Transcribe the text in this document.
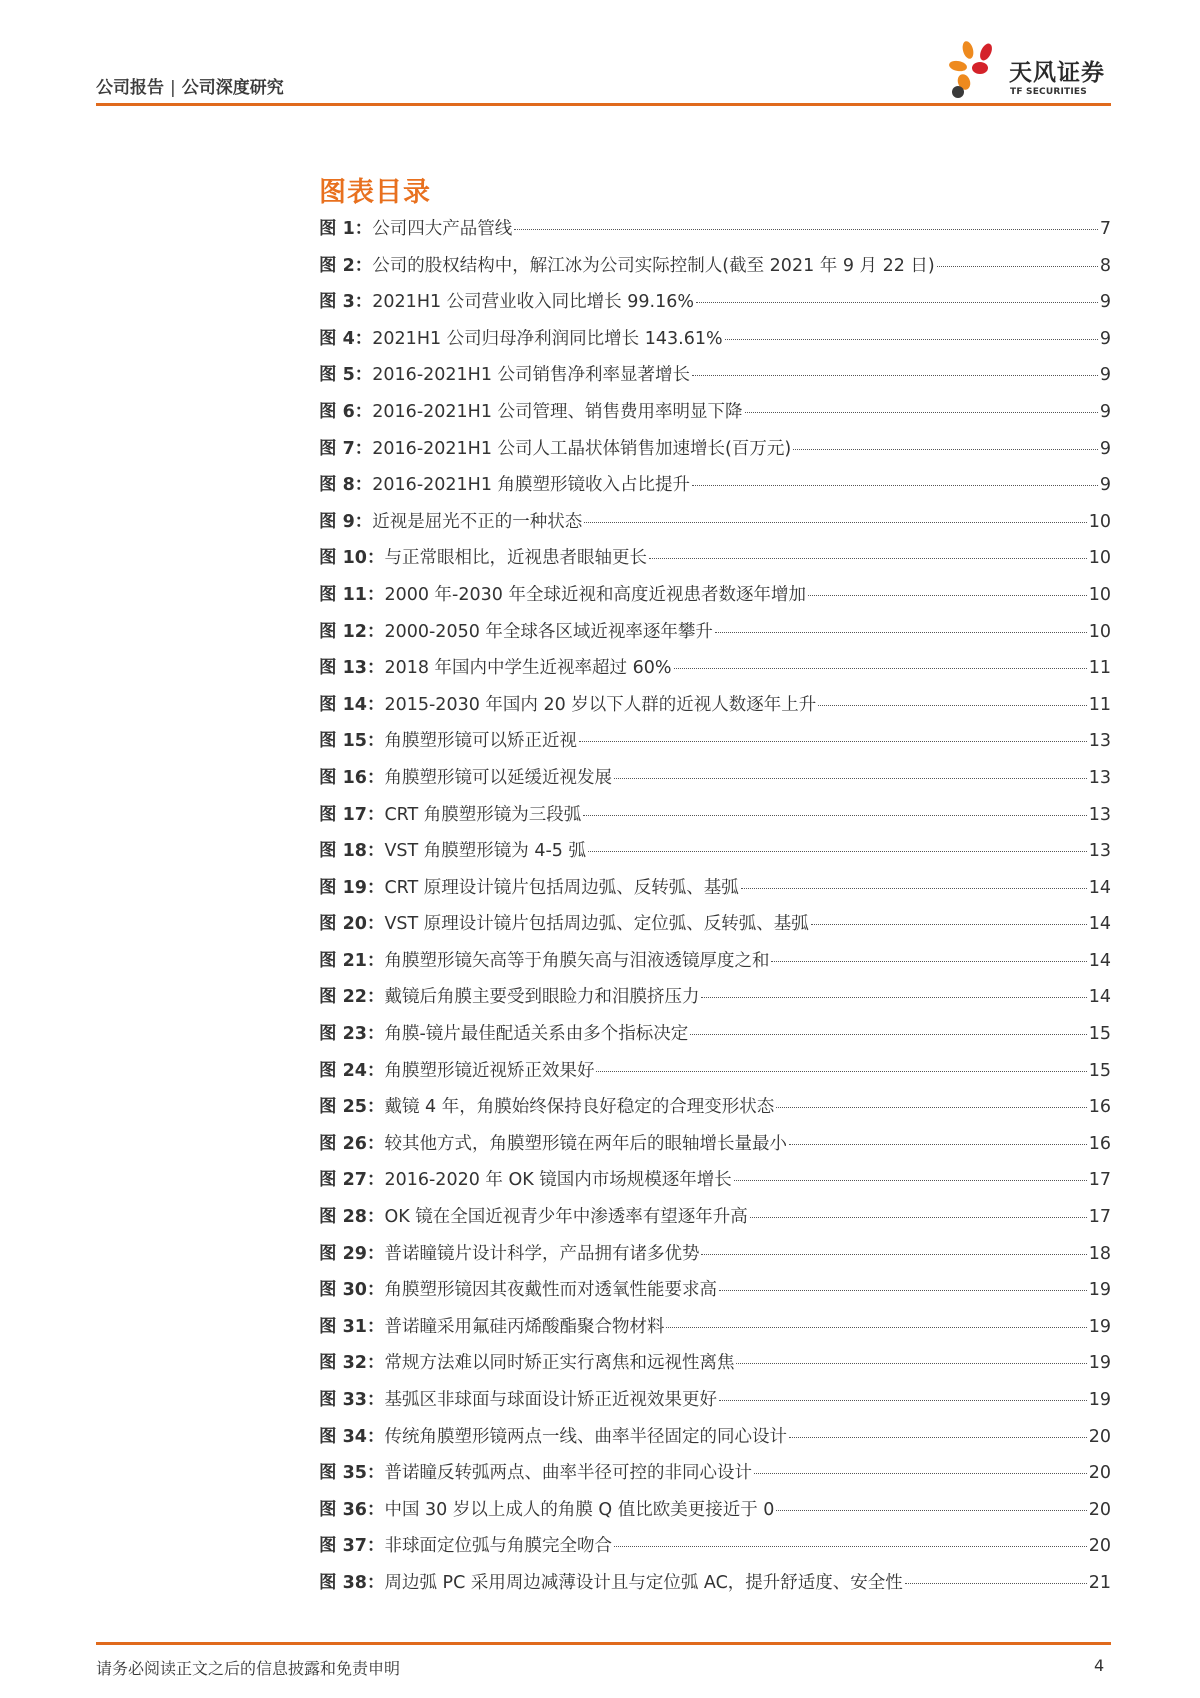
公司报告 | 公司深度研究
天风证券
TF SECURITIES
图表目录
图 1：公司四大产品管线	7
图 2：公司的股权结构中，解江冰为公司实际控制人(截至 2021 年 9 月 22 日)	8
图 3：2021H1 公司营业收入同比增长 99.16%	9
图 4：2021H1 公司归母净利润同比增长 143.61%	9
图 5：2016-2021H1 公司销售净利率显著增长	9
图 6：2016-2021H1 公司管理、销售费用率明显下降	9
图 7：2016-2021H1 公司人工晶状体销售加速增长(百万元)	9
图 8：2016-2021H1 角膜塑形镜收入占比提升	9
图 9：近视是屈光不正的一种状态	10
图 10：与正常眼相比，近视患者眼轴更长	10
图 11：2000 年-2030 年全球近视和高度近视患者数逐年增加	10
图 12：2000-2050 年全球各区域近视率逐年攀升	10
图 13：2018 年国内中学生近视率超过 60%	11
图 14：2015-2030 年国内 20 岁以下人群的近视人数逐年上升	11
图 15：角膜塑形镜可以矫正近视	13
图 16：角膜塑形镜可以延缓近视发展	13
图 17：CRT 角膜塑形镜为三段弧	13
图 18：VST 角膜塑形镜为 4-5 弧	13
图 19：CRT 原理设计镜片包括周边弧、反转弧、基弧	14
图 20：VST 原理设计镜片包括周边弧、定位弧、反转弧、基弧	14
图 21：角膜塑形镜矢高等于角膜矢高与泪液透镜厚度之和	14
图 22：戴镜后角膜主要受到眼睑力和泪膜挤压力	14
图 23：角膜-镜片最佳配适关系由多个指标决定	15
图 24：角膜塑形镜近视矫正效果好	15
图 25：戴镜 4 年，角膜始终保持良好稳定的合理变形状态	16
图 26：较其他方式，角膜塑形镜在两年后的眼轴增长量最小	16
图 27：2016-2020 年 OK 镜国内市场规模逐年增长	17
图 28：OK 镜在全国近视青少年中渗透率有望逐年升高	17
图 29：普诺瞳镜片设计科学，产品拥有诸多优势	18
图 30：角膜塑形镜因其夜戴性而对透氧性能要求高	19
图 31：普诺瞳采用氟硅丙烯酸酯聚合物材料	19
图 32：常规方法难以同时矫正实行离焦和远视性离焦	19
图 33：基弧区非球面与球面设计矫正近视效果更好	19
图 34：传统角膜塑形镜两点一线、曲率半径固定的同心设计	20
图 35：普诺瞳反转弧两点、曲率半径可控的非同心设计	20
图 36：中国 30 岁以上成人的角膜 Q 值比欧美更接近于 0	20
图 37：非球面定位弧与角膜完全吻合	20
图 38：周边弧 PC 采用周边减薄设计且与定位弧 AC，提升舒适度、安全性	21
请务必阅读正文之后的信息披露和免责申明	4
